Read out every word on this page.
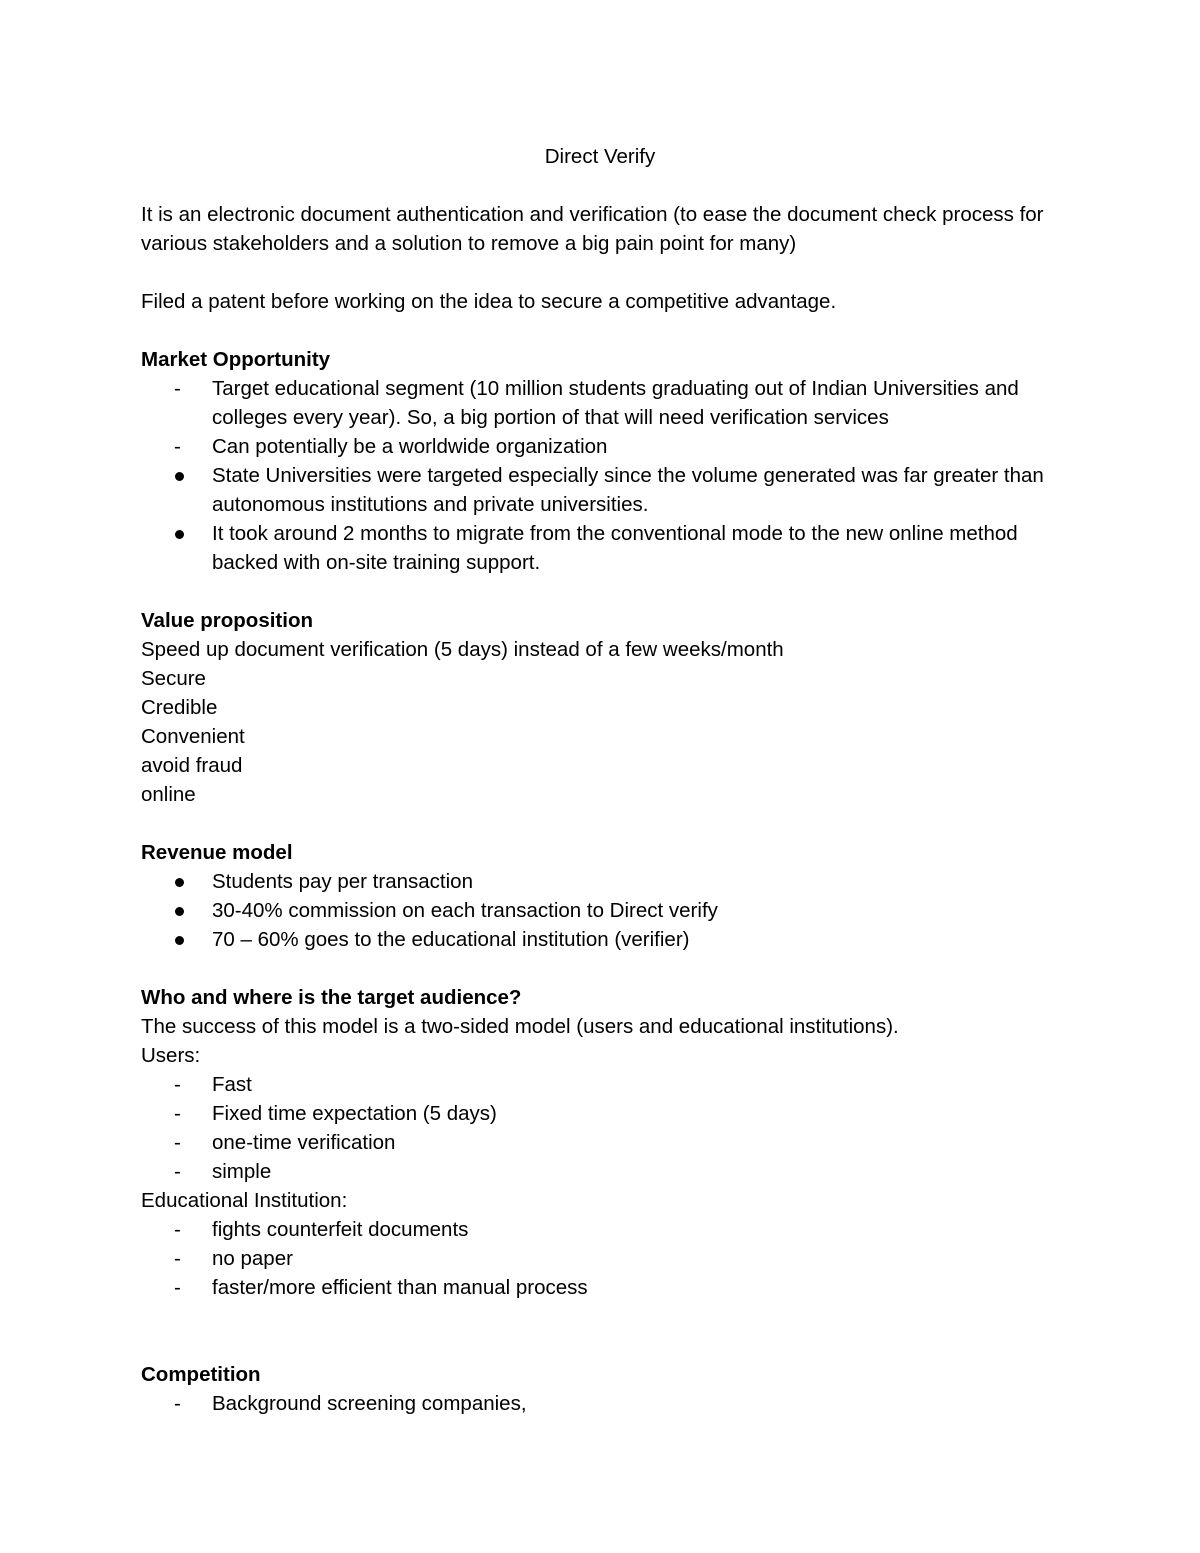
Direct Verify

It is an electronic document authentication and verification (to ease the document check process for various stakeholders and a solution to remove a big pain point for many)

Filed a patent before working on the idea to secure a competitive advantage.

Market Opportunity

- Target educational segment (10 million students graduating out of Indian Universities and colleges every year). So, a big portion of that will need verification services
- Can potentially be a worldwide organization
State Universities were targeted especially since the volume generated was far greater than autonomous institutions and private universities.
It took around 2 months to migrate from the conventional mode to the new online method backed with on-site training support.

Value proposition

Speed up document verification (5 days) instead of a few weeks/month

Secure

Credible

Convenient

avoid fraud

online

Revenue model

Students pay per transaction
30-40% commission on each transaction to Direct verify
70 – 60% goes to the educational institution (verifier)

Who and where is the target audience?

The success of this model is a two-sided model (users and educational institutions).

Users:

- Fast
- Fixed time expectation (5 days)
- one-time verification
- simple

Educational Institution:

- fights counterfeit documents
- no paper
- faster/more efficient than manual process

Competition

- Background screening companies,
